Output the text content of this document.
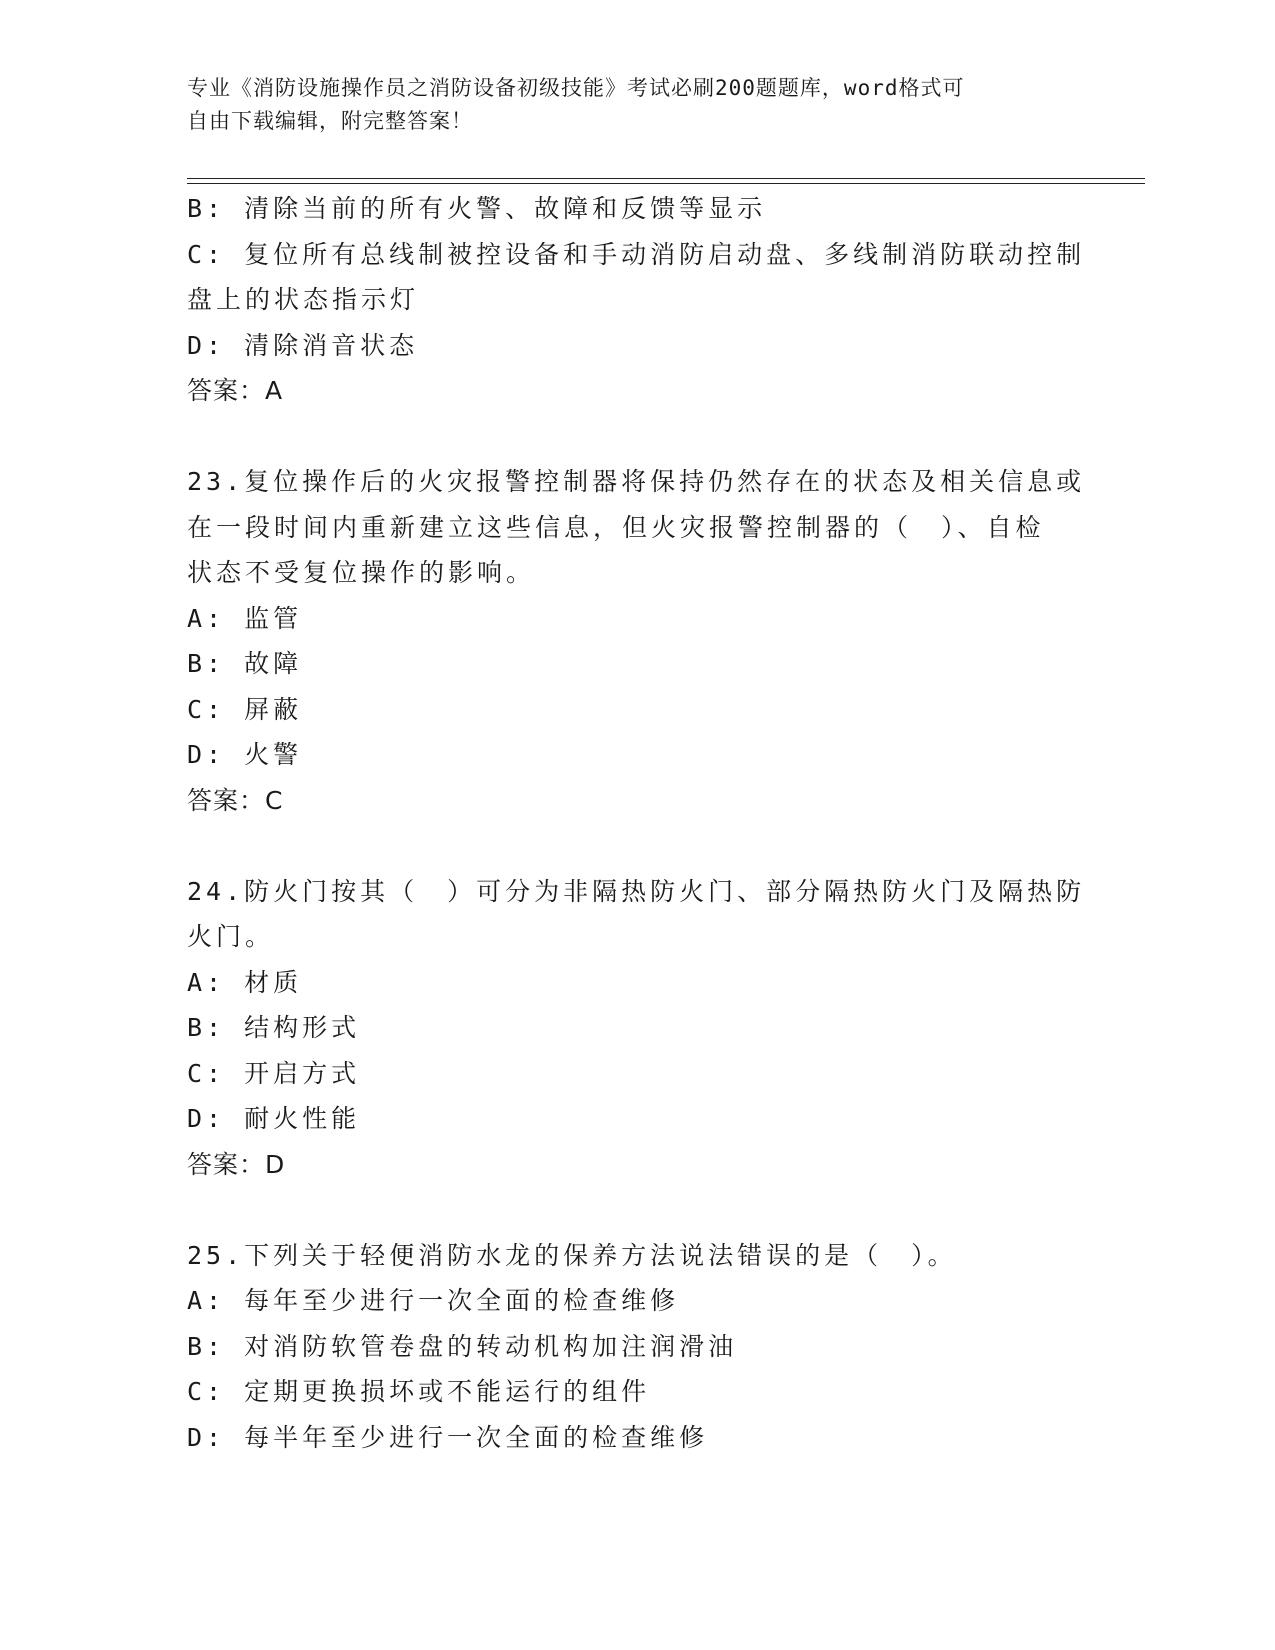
专业《消防设施操作员之消防设备初级技能》考试必刷200题题库，word格式可
自由下载编辑，附完整答案！
B: 清除当前的所有火警、故障和反馈等显示
C: 复位所有总线制被控设备和手动消防启动盘、多线制消防联动控制
盘上的状态指示灯
D: 清除消音状态
答案：A
23.复位操作后的火灾报警控制器将保持仍然存在的状态及相关信息或
在一段时间内重新建立这些信息，但火灾报警控制器的（　）、自检
状态不受复位操作的影响。
A: 监管
B: 故障
C: 屏蔽
D: 火警
答案：C
24.防火门按其（　）可分为非隔热防火门、部分隔热防火门及隔热防
火门。
A: 材质
B: 结构形式
C: 开启方式
D: 耐火性能
答案：D
25.下列关于轻便消防水龙的保养方法说法错误的是（　）。
A: 每年至少进行一次全面的检查维修
B: 对消防软管卷盘的转动机构加注润滑油
C: 定期更换损坏或不能运行的组件
D: 每半年至少进行一次全面的检查维修
